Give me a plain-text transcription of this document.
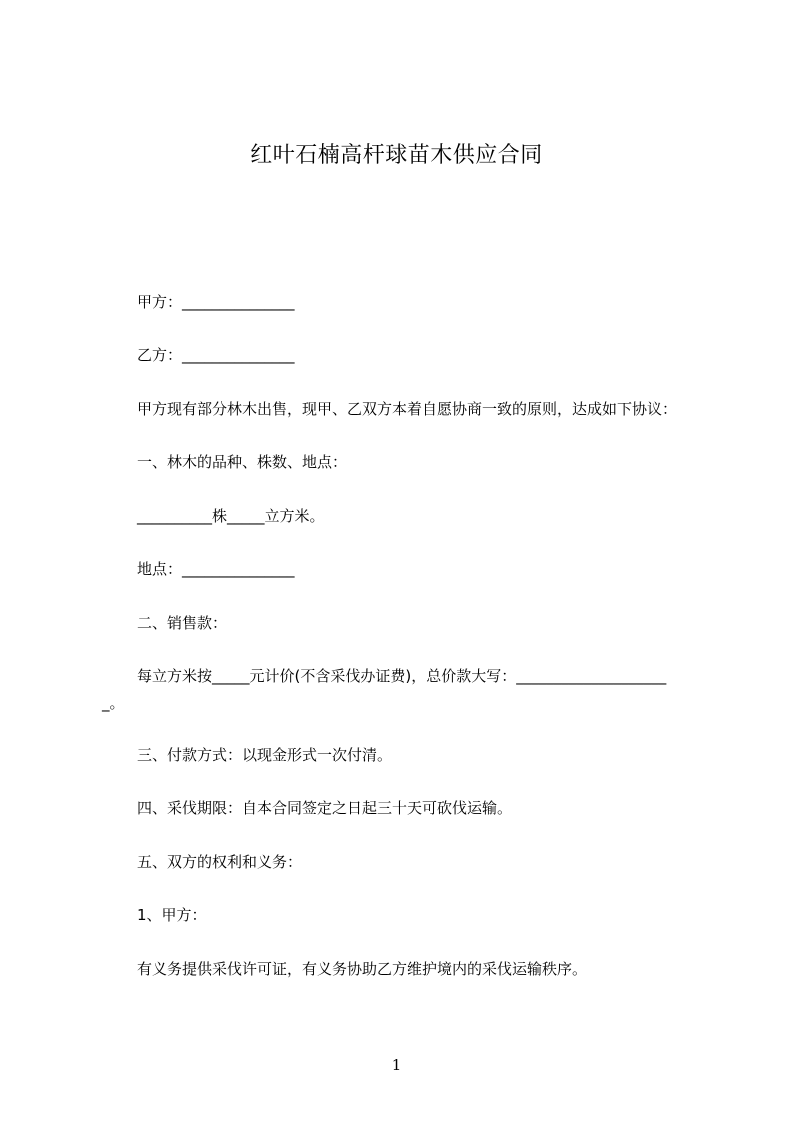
红叶石楠高杆球苗木供应合同
甲方：_______________
乙方：_______________
甲方现有部分林木出售，现甲、乙双方本着自愿协商一致的原则，达成如下协议：
一、林木的品种、株数、地点：
__________株_____立方米。
地点：_______________
二、销售款：
每立方米按_____元计价(不含采伐办证费)，总价款大写：____________________
_。
三、付款方式：以现金形式一次付清。
四、采伐期限：自本合同签定之日起三十天可砍伐运输。
五、双方的权利和义务：
1、甲方：
有义务提供采伐许可证，有义务协助乙方维护境内的采伐运输秩序。
1
